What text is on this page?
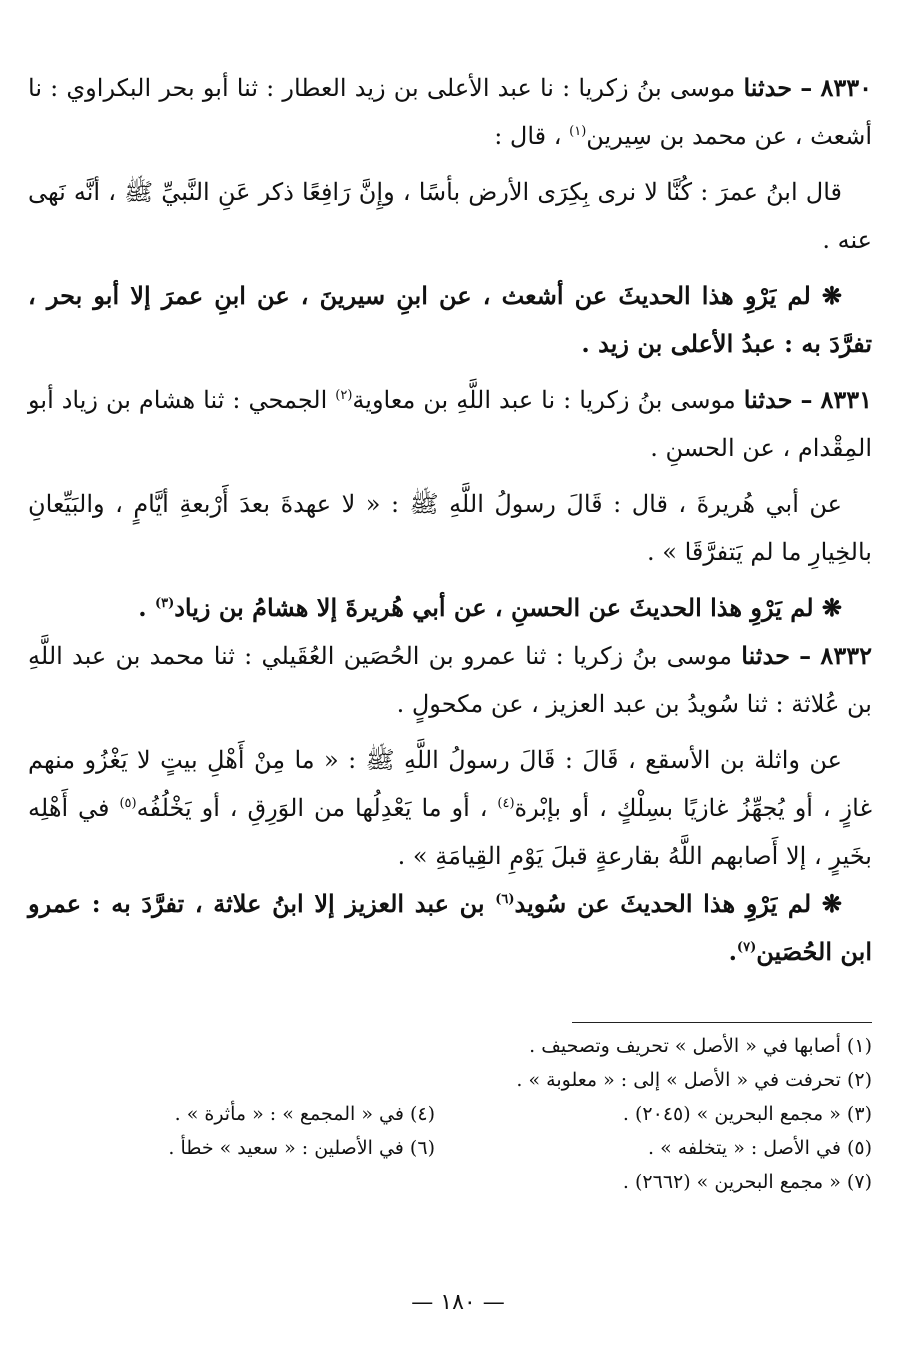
٨٣٣٠ – حدثنا موسى بنُ زكريا : نا عبد الأعلى بن زيد العطار : ثنا أبو بحر البكراوي : نا أشعث ، عن محمد بن سِيرين$^{(١)}$ ، قال :

قال ابنُ عمرَ : كُنَّا لا نرى بِكِرَى الأرض بأسًا ، وإِنَّ رَافِعًا ذكر عَنِ النَّبيِّ ﷺ ، أنَّه نَهى عنه .

❋ لم يَرْوِ هذا الحديثَ عن أشعث ، عن ابنِ سيرينَ ، عن ابنِ عمرَ إلا أبو بحر ، تفرَّدَ به : عبدُ الأعلى بن زيد .

٨٣٣١ – حدثنا موسى بنُ زكريا : نا عبد اللَّهِ بن معاوية$^{(٢)}$ الجمحي : ثنا هشام بن زياد أبو المِقْدام ، عن الحسنِ .

عن أبي هُريرةَ ، قال : قَالَ رسولُ اللَّهِ ﷺ : « لا عهدةَ بعدَ أَرْبعةِ أيَّامٍ ، والبَيِّعانِ بالخِيارِ ما لم يَتفرَّقَا » .

❋ لم يَرْوِ هذا الحديثَ عن الحسنِ ، عن أبي هُريرةَ إلا هشامُ بن زياد$^{(٣)}$ .

٨٣٣٢ – حدثنا موسى بنُ زكريا : ثنا عمرو بن الحُصَين العُقَيلي : ثنا محمد بن عبد اللَّهِ بن عُلاثة : ثنا سُويدُ بن عبد العزيز ، عن مكحولٍ .

عن واثلة بن الأسقع ، قَالَ : قَالَ رسولُ اللَّهِ ﷺ : « ما مِنْ أَهْلِ بيتٍ لا يَغْزُو منهم غازٍ ، أو يُجهِّزُ غازيًا بسِلْكٍ ، أو بإبْرة$^{(٤)}$ ، أو ما يَعْدِلُها من الوَرِقِ ، أو يَخْلُفُه$^{(٥)}$ في أَهْلِه بخَيرٍ ، إلا أَصابهم اللَّهُ بقارعةٍ قبلَ يَوْمِ القِيامَةِ » .

❋ لم يَرْوِ هذا الحديثَ عن سُويد$^{(٦)}$ بن عبد العزيز إلا ابنُ علاثة ، تفرَّدَ به : عمرو ابن الحُصَين$^{(٧)}$.

(١) أصابها في « الأصل » تحريف وتصحيف .
(٢) تحرفت في « الأصل » إلى : « معلوبة » .
(٣) « مجمع البحرين » (٢٠٤٥) .
(٥) في الأصل : « يتخلفه » .
(٧) « مجمع البحرين » (٢٦٦٢) .
(٤) في « المجمع » : « مأثرة » .
(٦) في الأصلين : « سعيد » خطأ .
— ١٨٠ —
